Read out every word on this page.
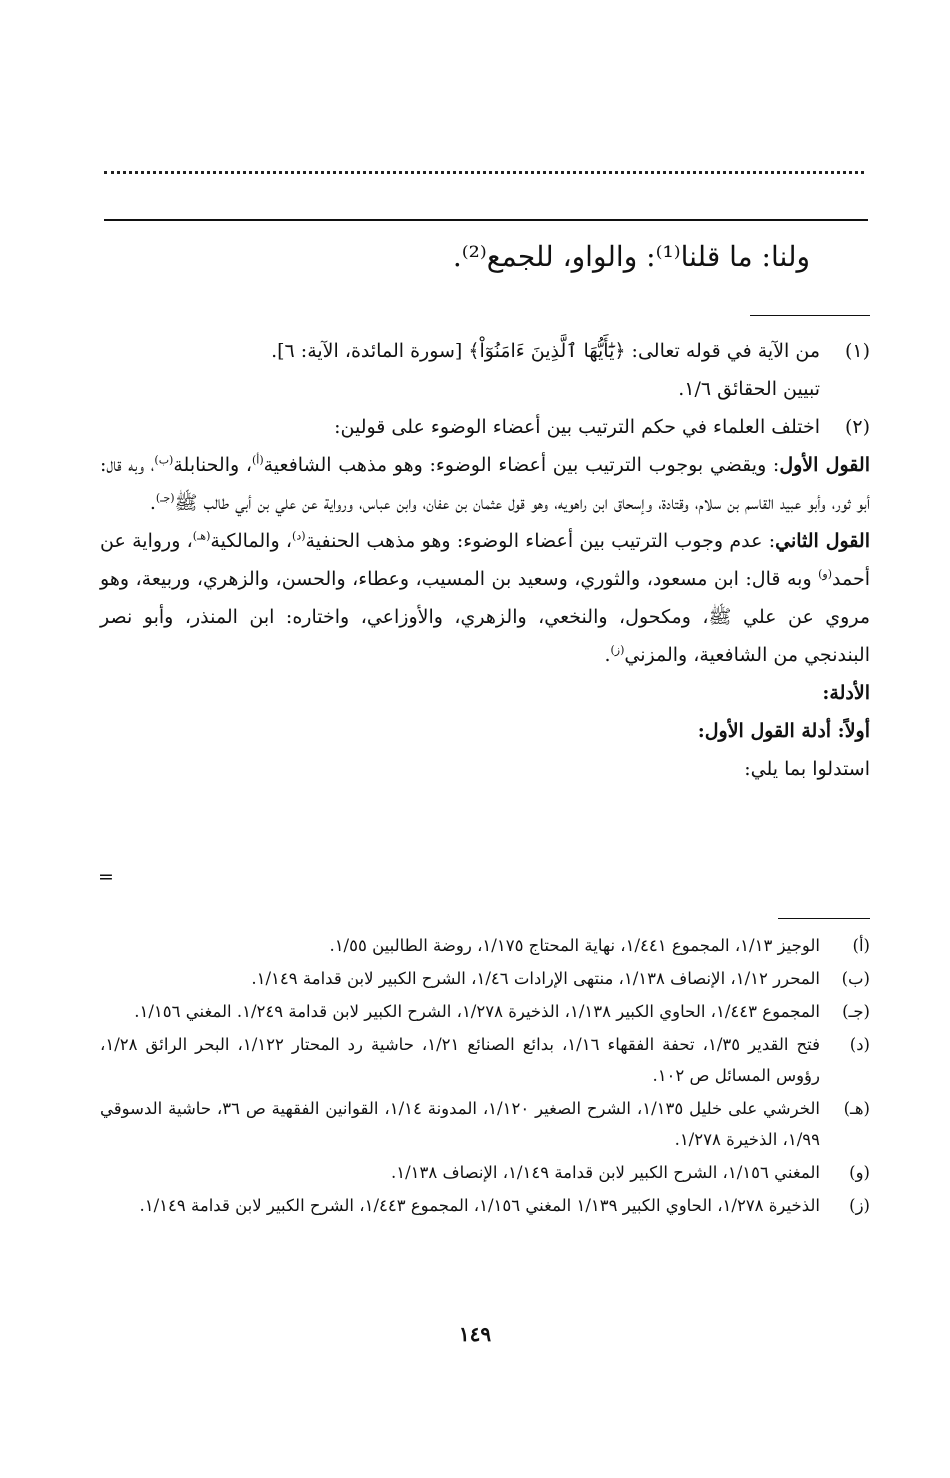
ولنا: ما قلنا⁽¹⁾: والواو، للجمع⁽²⁾.
(١)
من الآية في قوله تعالى: ﴿يَٰٓأَيُّهَا ٱلَّذِينَ ءَامَنُوٓاْ﴾ [سورة المائدة، الآية: ٦].
تبيين الحقائق ١/٦.
(٢)
اختلف العلماء في حكم الترتيب بين أعضاء الوضوء على قولين:
القول الأول: ويقضي بوجوب الترتيب بين أعضاء الوضوء: وهو مذهب الشافعية$^{(أ)}$، والحنابلة$^{(ب)}$، وبه قال: أبو ثور، وأبو عبيد القاسم بن سلام، وقتادة، وإسحاق ابن راهويه، وهو قول عثمان بن عفان، وابن عباس، ورواية عن علي بن أبي طالب ﷺ$^{(جـ)}$.
القول الثاني: عدم وجوب الترتيب بين أعضاء الوضوء: وهو مذهب الحنفية$^{(د)}$، والمالكية$^{(هـ)}$، ورواية عن أحمد$^{(و)}$ وبه قال: ابن مسعود، والثوري، وسعيد بن المسيب، وعطاء، والحسن، والزهري، وربيعة، وهو مروي عن علي ﷺ، ومكحول، والنخعي، والزهري، والأوزاعي، واختاره: ابن المنذر، وأبو نصر البندنجي من الشافعية، والمزني$^{(ز)}$.
الأدلة:
أولاً: أدلة القول الأول:
استدلوا بما يلي:
=
(أ)
الوجيز ١/١٣، المجموع ١/٤٤١، نهاية المحتاج ١/١٧٥، روضة الطالبين ١/٥٥.
(ب)
المحرر ١/١٢، الإنصاف ١/١٣٨، منتهى الإرادات ١/٤٦، الشرح الكبير لابن قدامة ١/١٤٩.
(جـ)
المجموع ١/٤٤٣، الحاوي الكبير ١/١٣٨، الذخيرة ١/٢٧٨، الشرح الكبير لابن قدامة ١/٢٤٩. المغني ١/١٥٦.
(د)
فتح القدير ١/٣٥، تحفة الفقهاء ١/١٦، بدائع الصنائع ١/٢١، حاشية رد المحتار ١/١٢٢، البحر الرائق ١/٢٨، رؤوس المسائل ص ١٠٢.
(هـ)
الخرشي على خليل ١/١٣٥، الشرح الصغير ١/١٢٠، المدونة ١/١٤، القوانين الفقهية ص ٣٦، حاشية الدسوقي ١/٩٩، الذخيرة ١/٢٧٨.
(و)
المغني ١/١٥٦، الشرح الكبير لابن قدامة ١/١٤٩، الإنصاف ١/١٣٨.
(ز)
الذخيرة ١/٢٧٨، الحاوي الكبير ١/١٣٩ المغني ١/١٥٦، المجموع ١/٤٤٣، الشرح الكبير لابن قدامة ١/١٤٩.
١٤٩
